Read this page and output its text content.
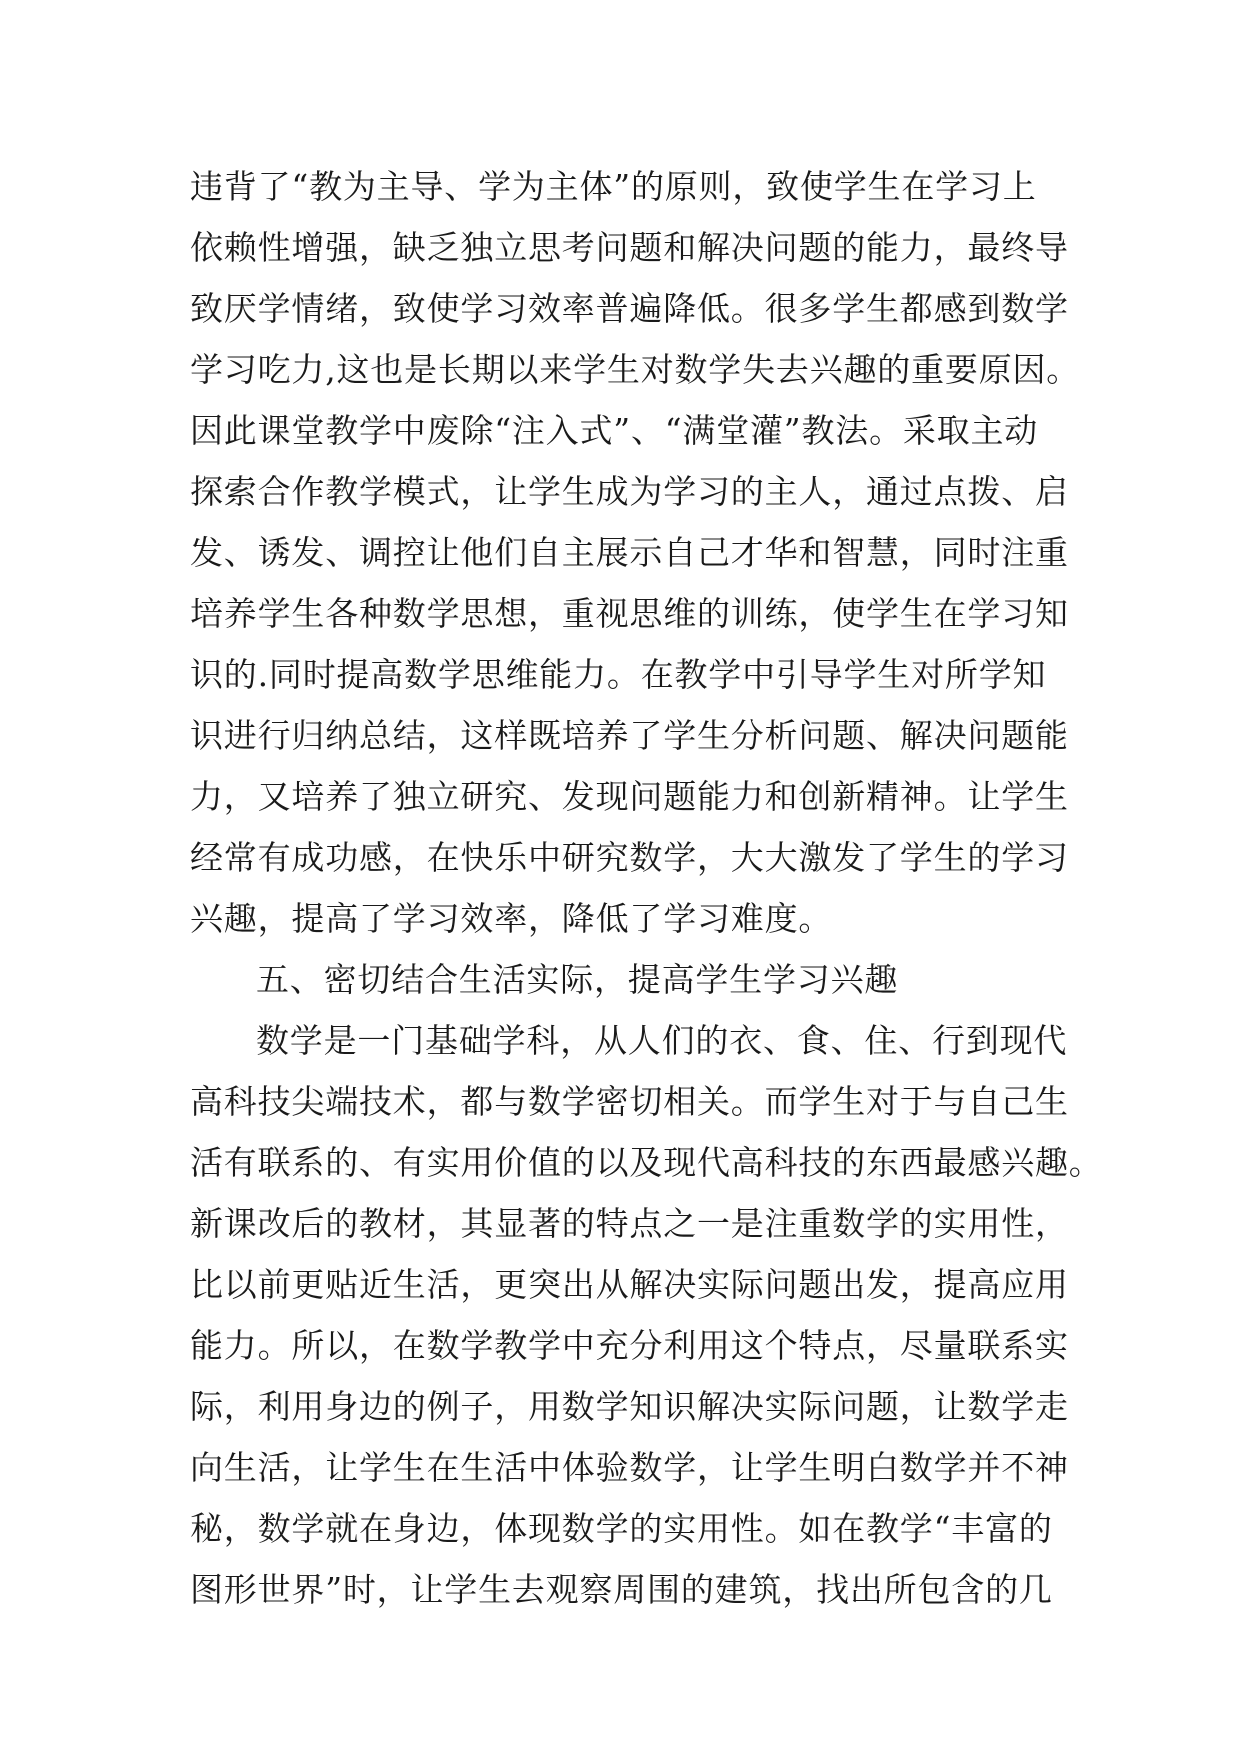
违背了“教为主导、学为主体”的原则，致使学生在学习上
依赖性增强，缺乏独立思考问题和解决问题的能力，最终导
致厌学情绪，致使学习效率普遍降低。很多学生都感到数学
学习吃力,这也是长期以来学生对数学失去兴趣的重要原因。
因此课堂教学中废除“注入式”、“满堂灌”教法。采取主动
探索合作教学模式，让学生成为学习的主人，通过点拨、启
发、诱发、调控让他们自主展示自己才华和智慧，同时注重
培养学生各种数学思想，重视思维的训练，使学生在学习知
识的.同时提高数学思维能力。在教学中引导学生对所学知
识进行归纳总结，这样既培养了学生分析问题、解决问题能
力，又培养了独立研究、发现问题能力和创新精神。让学生
经常有成功感，在快乐中研究数学，大大激发了学生的学习
兴趣，提高了学习效率，降低了学习难度。
五、密切结合生活实际，提高学生学习兴趣
数学是一门基础学科，从人们的衣、食、住、行到现代
高科技尖端技术，都与数学密切相关。而学生对于与自己生
活有联系的、有实用价值的以及现代高科技的东西最感兴趣。
新课改后的教材，其显著的特点之一是注重数学的实用性，
比以前更贴近生活，更突出从解决实际问题出发，提高应用
能力。所以，在数学教学中充分利用这个特点，尽量联系实
际，利用身边的例子，用数学知识解决实际问题，让数学走
向生活，让学生在生活中体验数学，让学生明白数学并不神
秘，数学就在身边，体现数学的实用性。如在教学“丰富的
图形世界”时，让学生去观察周围的建筑，找出所包含的几
